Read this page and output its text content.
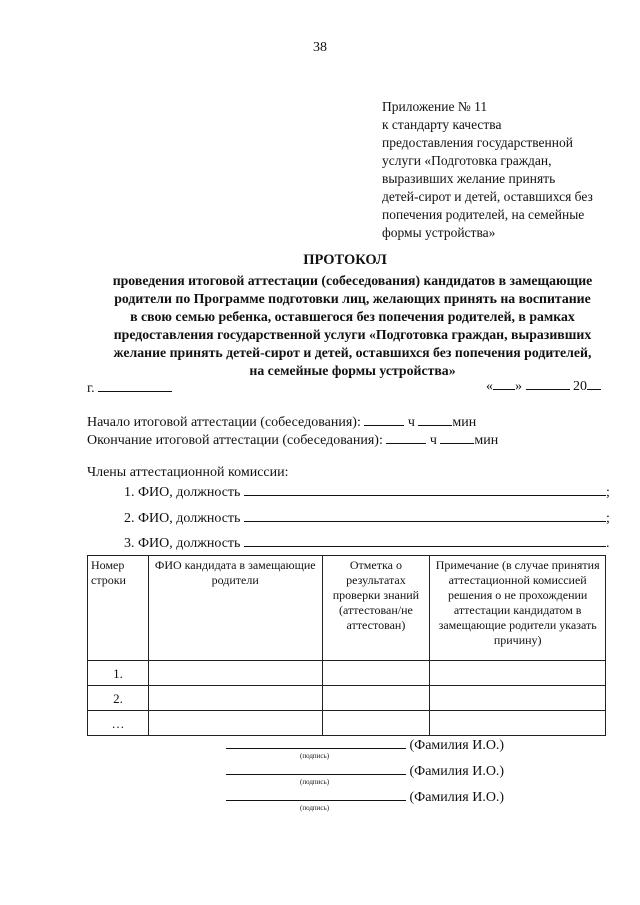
38
Приложение № 11
к стандарту качества
предоставления государственной
услуги «Подготовка граждан,
выразивших желание принять
детей-сирот и детей, оставшихся без
попечения родителей, на семейные
формы устройства»
ПРОТОКОЛ
проведения итоговой аттестации (собеседования) кандидатов в замещающие
родители по Программе подготовки лиц, желающих принять на воспитание
в свою семью ребенка, оставшегося без попечения родителей, в рамках
предоставления государственной услуги «Подготовка граждан, выразивших
желание принять детей-сирот и детей, оставшихся без попечения родителей,
на семейные формы устройства»
г.	« »	20
Начало итоговой аттестации (собеседования):	ч	мин
Окончание итоговой аттестации (собеседования):	ч	мин
Члены аттестационной комиссии:
1. ФИО, должность	;
2. ФИО, должность	;
3. ФИО, должность	.
Номер строки	ФИО кандидата в замещающие родители	Отметка о результатах проверки знаний (аттестован/не аттестован)	Примечание (в случае принятия аттестационной комиссией решения о не прохождении аттестации кандидатом в замещающие родители указать причину)
1.			
2.			
…			
(Фамилия И.О.)
(подпись)
(Фамилия И.О.)
(подпись)
(Фамилия И.О.)
(подпись)
